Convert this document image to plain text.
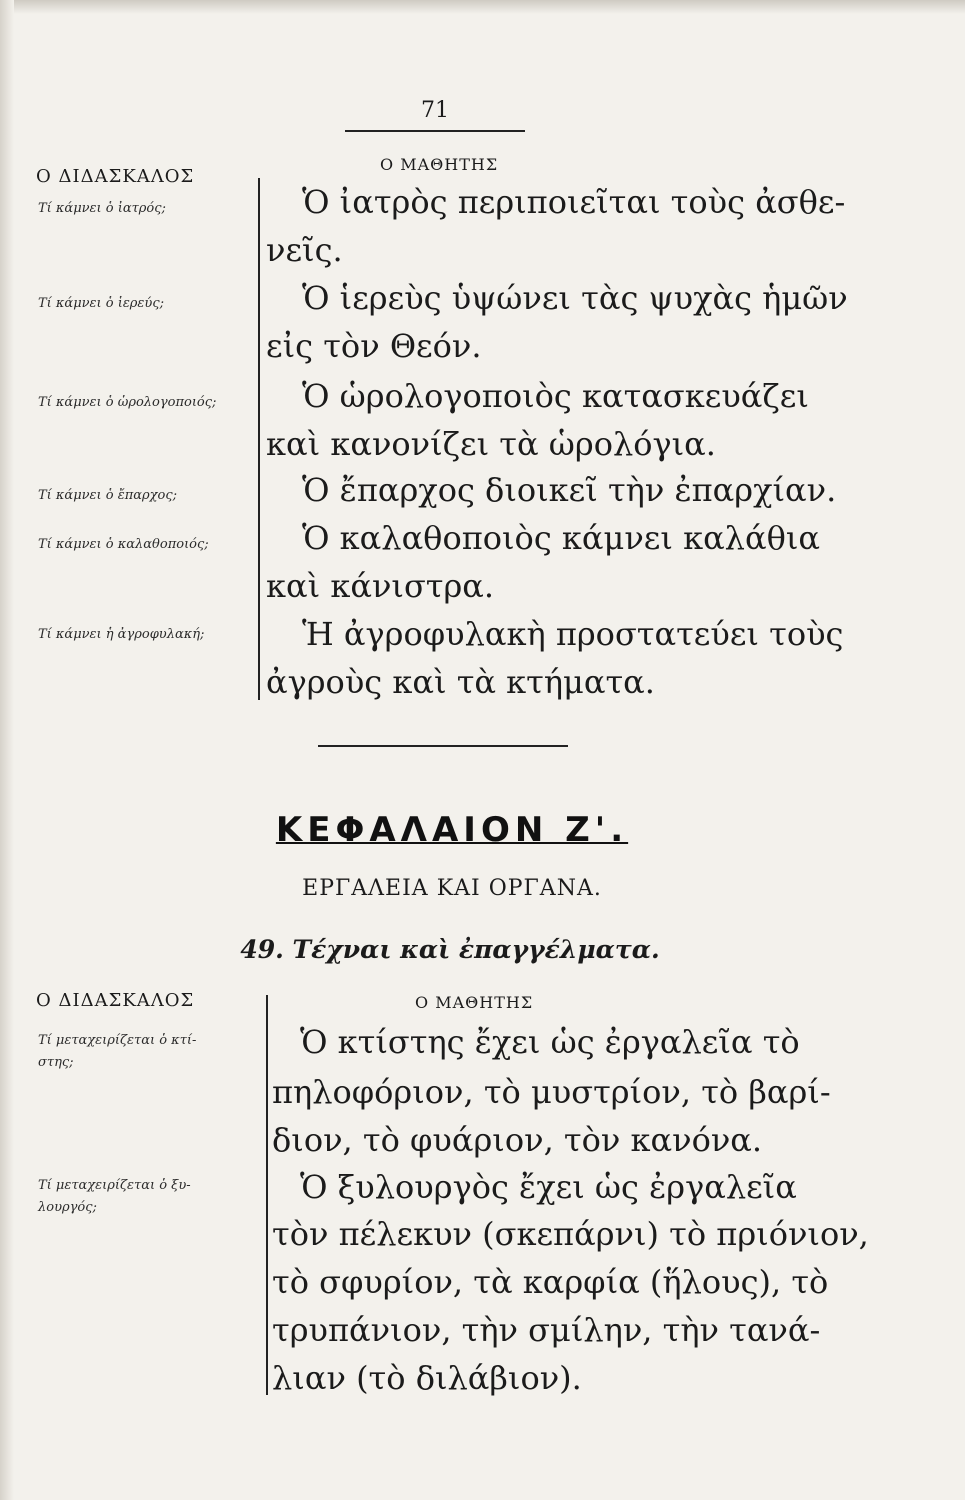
71
Ο ΔΙΔΑΣΚΑΛΟΣ
Ο ΜΑΘΗΤΗΣ
Τί κάμνει ὁ ἰατρός;
Τί κάμνει ὁ ἱερεύς;
Τί κάμνει ὁ ὡρολογοποιός;
Τί κάμνει ὁ ἔπαρχος;
Τί κάμνει ὁ καλαθοποιός;
Τί κάμνει ἡ ἀγροφυλακή;
Ὁ ἰατρὸς περιποιεῖται τοὺς ἀσθε-
νεῖς.
Ὁ ἱερεὺς ὑψώνει τὰς ψυχὰς ἡμῶν
εἰς τὸν Θεόν.
Ὁ ὡρολογοποιὸς κατασκευάζει
καὶ κανονίζει τὰ ὡρολόγια.
Ὁ ἔπαρχος διοικεῖ τὴν ἐπαρχίαν.
Ὁ καλαθοποιὸς κάμνει καλάθια
καὶ κάνιστρα.
Ἡ ἀγροφυλακὴ προστατεύει τοὺς
ἀγροὺς καὶ τὰ κτήματα.
ΚΕΦΑΛΑΙΟΝ Ζ'.
ΕΡΓΑΛΕΙΑ ΚΑΙ ΟΡΓΑΝΑ.
49. Τέχναι καὶ ἐπαγγέλματα.
Ο ΔΙΔΑΣΚΑΛΟΣ	Ο ΜΑΘΗΤΗΣ
Τί μεταχειρίζεται ὁ κτί-
στης;
Τί μεταχειρίζεται ὁ ξυ-
λουργός;
Ὁ κτίστης ἔχει ὡς ἐργαλεῖα τὸ
πηλοφόριον, τὸ μυστρίον, τὸ βαρί-
διον, τὸ φυάριον, τὸν κανόνα.
Ὁ ξυλουργὸς ἔχει ὡς ἐργαλεῖα
τὸν πέλεκυν (σκεπάρνι) τὸ πριόνιον,
τὸ σφυρίον, τὰ καρφία (ἥλους), τὸ
τρυπάνιον, τὴν σμίλην, τὴν τανά-
λιαν (τὸ διλάβιον).
